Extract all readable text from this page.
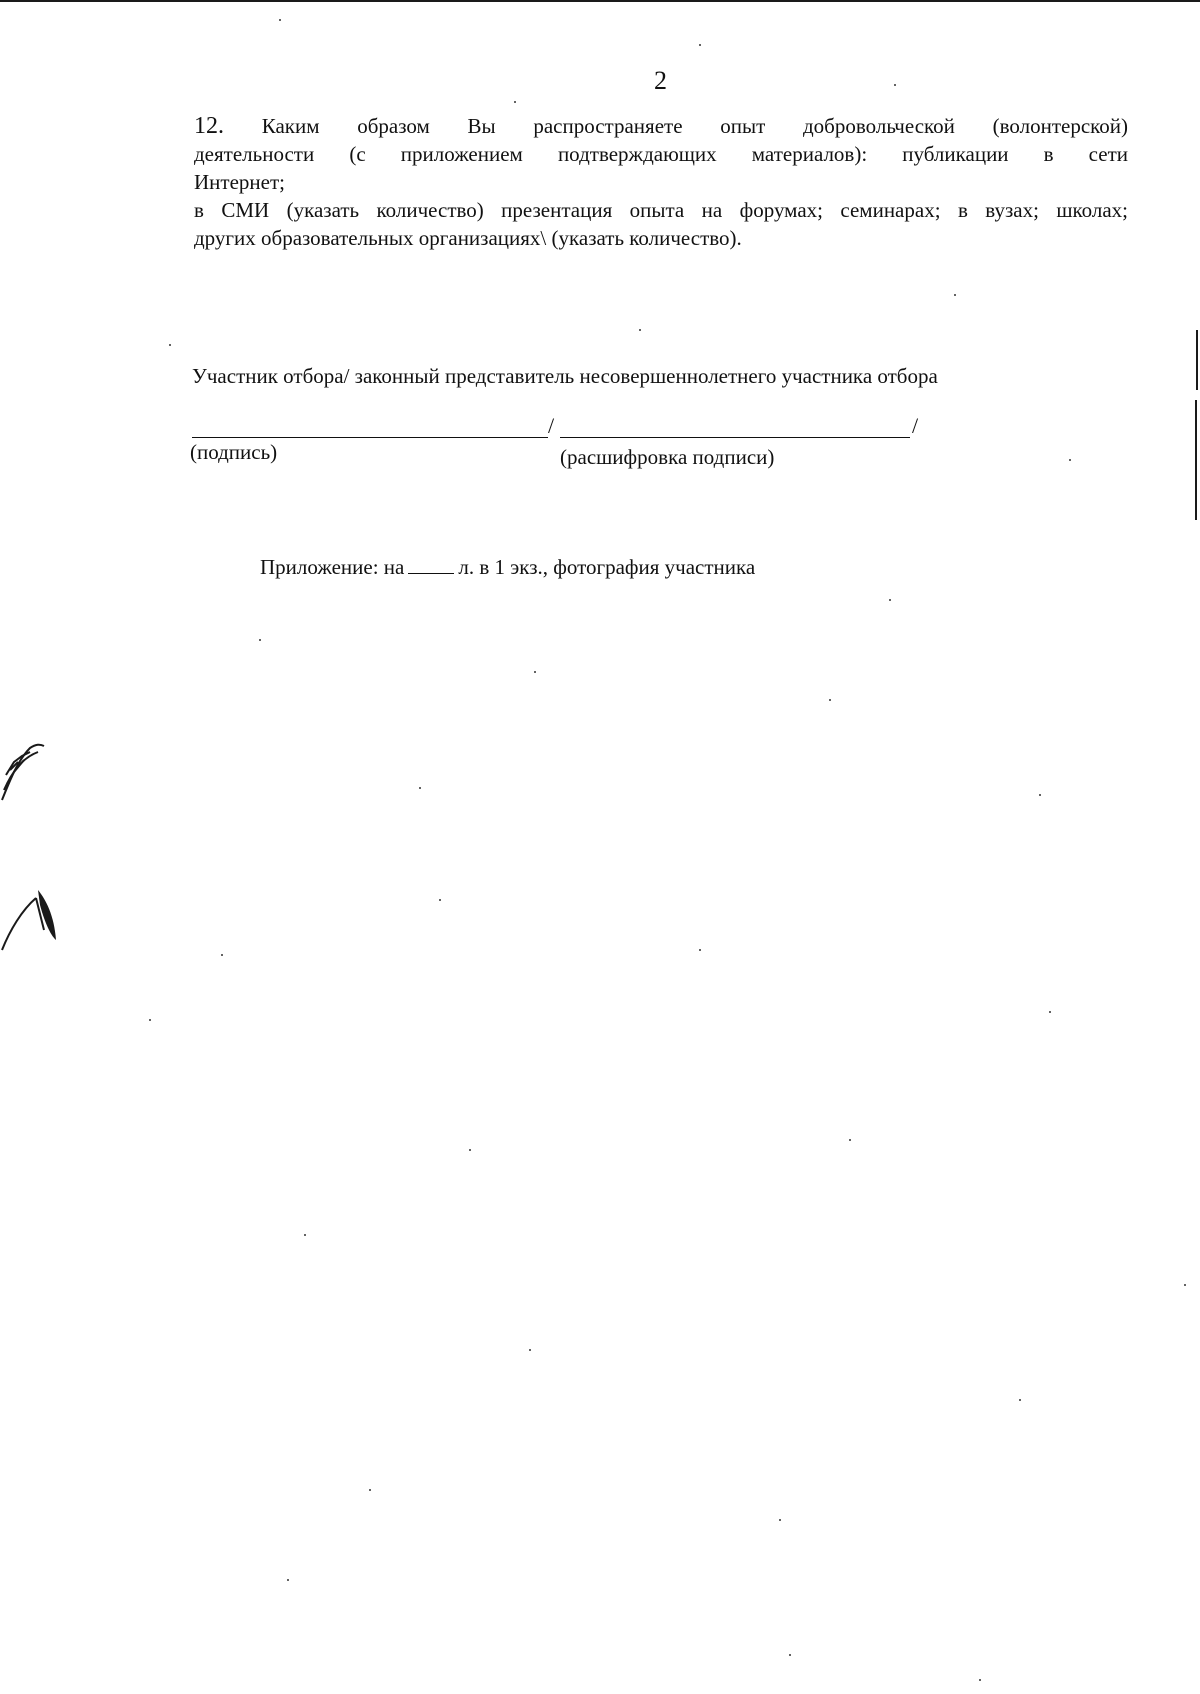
2
12. Каким образом Вы распространяете опыт добровольческой (волонтерской)
деятельности (с приложением подтверждающих материалов): публикации в сети
Интернет;
в СМИ (указать количество) презентация опыта на форумах; семинарах; в вузах; школах;
других образовательных организациях\ (указать количество).
Участник отбора/ законный представитель несовершеннолетнего участника отбора
/	/
(подпись)	(расшифровка подписи)
Приложение: на	л. в 1 экз., фотография участника
